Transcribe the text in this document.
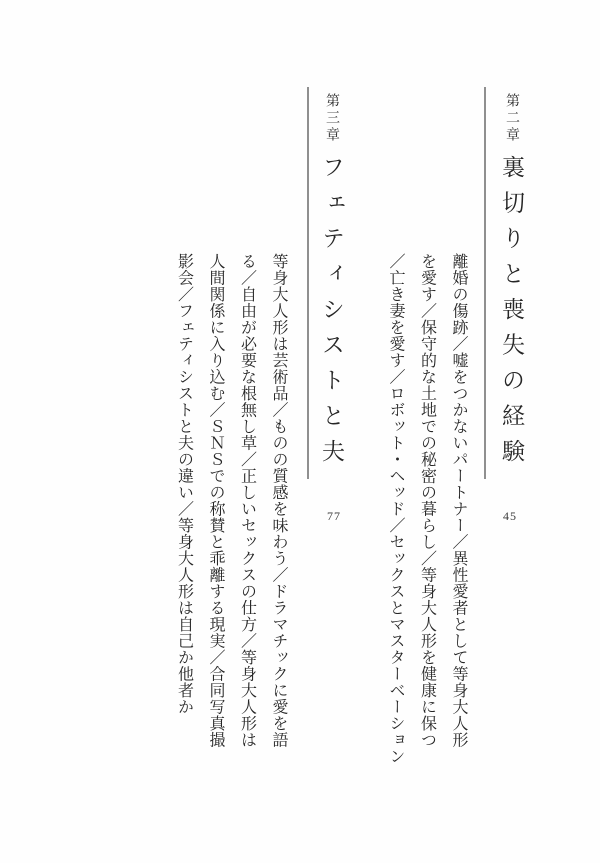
第二章裏切りと喪失の経験
45
離婚の傷跡／嘘をつかないパートナー／異性愛者として等身大人形
を愛す／保守的な土地での秘密の暮らし／等身大人形を健康に保つ
／亡き妻を愛す／ロボット・ヘッド／セックスとマスターベーション
第三章フェティシストと夫
77
等身大人形は芸術品／ものの質感を味わう／ドラマチックに愛を語
る／自由が必要な根無し草／正しいセックスの仕方／等身大人形は
人間関係に入り込む／ＳＮＳでの称賛と乖離する現実／合同写真撮
影会／フェティシストと夫の違い／等身大人形は自己か他者か
